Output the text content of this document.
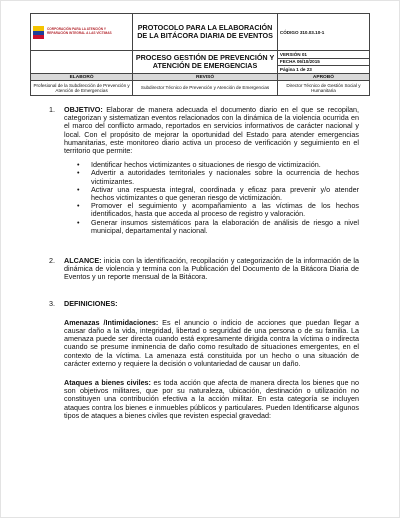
CORPORACIÓN PARA LA ATENCIÓN Y REPARACIÓN INTEGRAL A LAS VÍCTIMAS	PROTOCOLO PARA LA ELABORACIÓN DE LA BITÁCORA DIARIA DE EVENTOS	CÓDIGO 310.03.10-1
	PROCESO GESTIÓN DE PREVENCIÓN Y ATENCIÓN DE EMERGENCIAS	VERSIÓN 01
		FECHA 06/10/2015
		Página 1 de 23
ELABORÓ	REVISÓ	APROBÓ
Profesional de la Subdirección de Prevención y Atención de Emergencias	Subdirector Técnico de Prevención y Atención de Emergencias	Director Técnico de Gestión Social y Humanitaria
1.	OBJETIVO: Elaborar de manera adecuada el documento diario en el que se recopilan, categorizan y sistematizan eventos relacionados con la dinámica de la violencia ocurrida en el marco del conflicto armado, reportados en servicios informativos de carácter nacional y local. Con el propósito de mejorar la oportunidad del Estado para atender emergencias humanitarias, este monitoreo diario activa un proceso de verificación y seguimiento en el territorio que permite:
• Identificar hechos victimizantes o situaciones de riesgo de victimización.
• Advertir a autoridades territoriales y nacionales sobre la ocurrencia de hechos victimizantes.
• Activar una respuesta integral, coordinada y eficaz para prevenir y/o atender hechos victimizantes o que generan riesgo de victimización.
• Promover el seguimiento y acompañamiento a las víctimas de los hechos identificados, hasta que acceda al proceso de registro y valoración.
• Generar insumos sistemáticos para la elaboración de análisis de riesgo a nivel municipal, departamental y nacional.
2.	ALCANCE: inicia con la identificación, recopilación y categorización de la información de la dinámica de violencia y termina con la Publicación del Documento de la Bitácora Diaria de Eventos y un reporte mensual de la Bitácora.
3.	DEFINICIONES:

Amenazas /Intimidaciones: Es el anuncio o indicio de acciones que puedan llegar a causar daño a la vida, integridad, libertad o seguridad de una persona o de su familia. La amenaza puede ser directa cuando está expresamente dirigida contra la víctima o indirecta cuando se presume inminencia de daño como resultado de situaciones emergentes, en el contexto de la víctima. La amenaza está constituida por un hecho o una situación de carácter externo y requiere la decisión o voluntariedad de causar un daño.

Ataques a bienes civiles: es toda acción que afecta de manera directa los bienes que no son objetivos militares, que por su naturaleza, ubicación, destinación o utilización no constituyen una contribución efectiva a la acción militar. En esta categoría se incluyen ataques contra los bienes e inmuebles públicos y particulares. Pueden Identificarse algunos tipos de ataques a bienes civiles que revisten especial gravedad:
